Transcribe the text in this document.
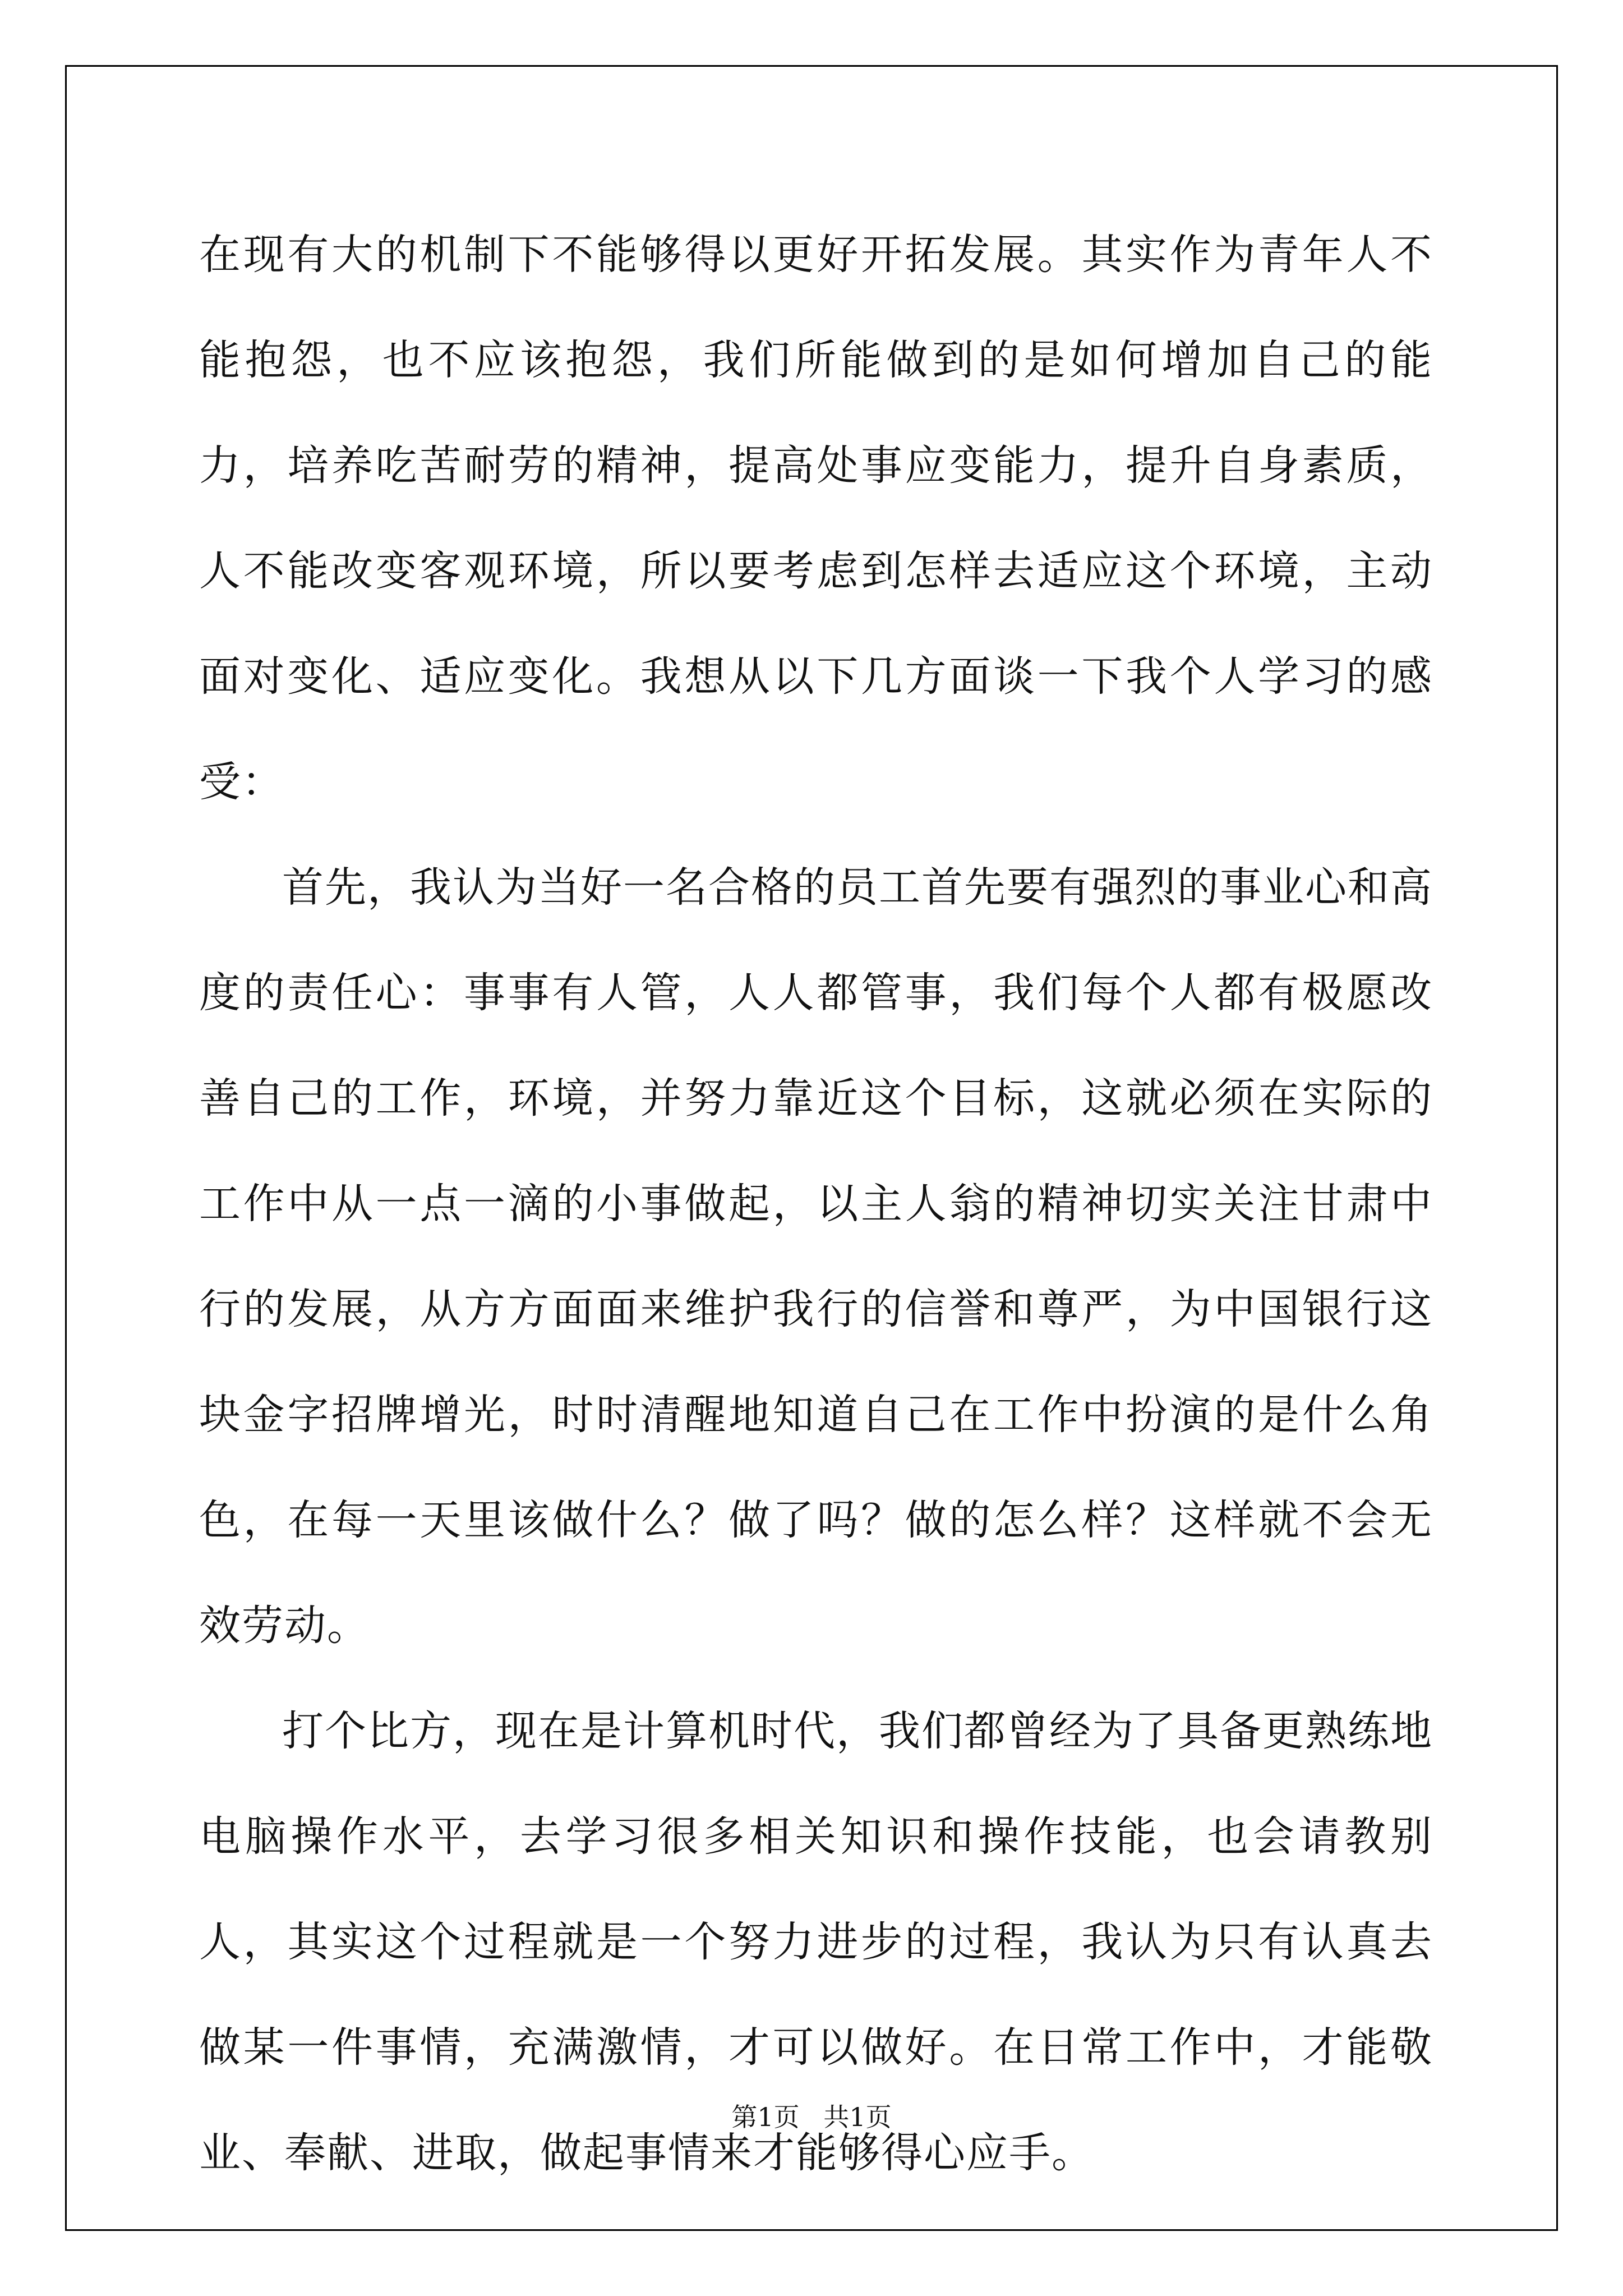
在现有大的机制下不能够得以更好开拓发展。其实作为青年人不能抱怨，也不应该抱怨，我们所能做到的是如何增加自己的能力，培养吃苦耐劳的精神，提高处事应变能力，提升自身素质，人不能改变客观环境，所以要考虑到怎样去适应这个环境，主动面对变化、适应变化。我想从以下几方面谈一下我个人学习的感受：

首先，我认为当好一名合格的员工首先要有强烈的事业心和高度的责任心：事事有人管，人人都管事，我们每个人都有极愿改善自己的工作，环境，并努力靠近这个目标，这就必须在实际的工作中从一点一滴的小事做起，以主人翁的精神切实关注甘肃中行的发展，从方方面面来维护我行的信誉和尊严，为中国银行这块金字招牌增光，时时清醒地知道自己在工作中扮演的是什么角色，在每一天里该做什么？做了吗？做的怎么样？这样就不会无效劳动。

打个比方，现在是计算机时代，我们都曾经为了具备更熟练地电脑操作水平，去学习很多相关知识和操作技能，也会请教别人，其实这个过程就是一个努力进步的过程，我认为只有认真去做某一件事情，充满激情，才可以做好。在日常工作中，才能敬业、奉献、进取，做起事情来才能够得心应手。

第1页 共1页
